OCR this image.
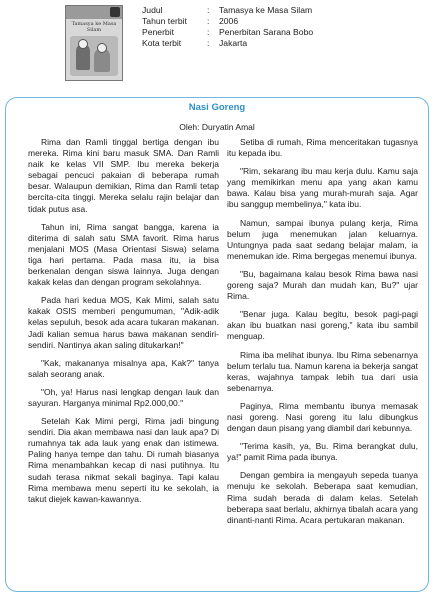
Tamasya ke Masa Silam
Judul	:	Tamasya ke Masa Silam
Tahun terbit	:	2006
Penerbit	:	Penerbitan Sarana Bobo
Kota terbit	:	Jakarta
Nasi Goreng
Oleh: Duryatin Amal

Rima dan Ramli tinggal bertiga dengan ibu mereka. Rima kini baru masuk SMA. Dan Ramli naik ke kelas VII SMP. Ibu mereka bekerja sebagai pencuci pakaian di beberapa rumah besar. Walaupun demikian, Rima dan Ramli tetap bercita-cita tinggi. Mereka selalu rajin belajar dan tidak putus asa.

Tahun ini, Rima sangat bangga, karena ia diterima di salah satu SMA favorit. Rima harus menjalani MOS (Masa Orientasi Siswa) selama tiga hari pertama. Pada masa itu, ia bisa berkenalan dengan siswa lainnya. Juga dengan kakak kelas dan dengan program sekolahnya.

Pada hari kedua MOS, Kak Mimi, salah satu kakak OSIS memberi pengumuman, "Adik-adik kelas sepuluh, besok ada acara tukaran makanan. Jadi kalian semua harus bawa makanan sendiri-sendiri. Nantinya akan saling ditukarkan!"

"Kak, makananya misalnya apa, Kak?" tanya salah seorang anak.

"Oh, ya! Harus nasi lengkap dengan lauk dan sayuran. Harganya minimal Rp2.000,00."

Setelah Kak Mimi pergi, Rima jadi bingung sendiri. Dia akan membawa nasi dan lauk apa? Di rumahnya tak ada lauk yang enak dan istimewa. Paling hanya tempe dan tahu. Di rumah biasanya Rima menambahkan kecap di nasi putihnya. Itu sudah terasa nikmat sekali baginya. Tapi kalau Rima membawa menu seperti itu ke sekolah, ia takut diejek kawan-kawannya.

Setiba di rumah, Rima menceritakan tugasnya itu kepada ibu.

"Rim, sekarang ibu mau kerja dulu. Kamu saja yang memikirkan menu apa yang akan kamu bawa. Kalau bisa yang murah-murah saja. Agar ibu sanggup membelinya," kata ibu.

Namun, sampai ibunya pulang kerja, Rima belum juga menemukan jalan keluarnya. Untungnya pada saat sedang belajar malam, ia menemukan ide. Rima bergegas menemui ibunya.

"Bu, bagaimana kalau besok Rima bawa nasi goreng saja? Murah dan mudah kan, Bu?" ujar Rima.

"Benar juga. Kalau begitu, besok pagi-pagi akan ibu buatkan nasi goreng," kata ibu sambil menguap.

Rima iba melihat ibunya. Ibu Rima sebenarnya belum terlalu tua. Namun karena ia bekerja sangat keras, wajahnya tampak lebih tua dari usia sebenarnya.

Paginya, Rima membantu ibunya memasak nasi goreng. Nasi goreng itu lalu dibungkus dengan daun pisang yang diambil dari kebunnya.

"Terima kasih, ya, Bu. Rima berangkat dulu, ya!" pamit Rima pada ibunya.

Dengan gembira ia mengayuh sepeda tuanya menuju ke sekolah. Beberapa saat kemudian, Rima sudah berada di dalam kelas. Setelah beberapa saat berlalu, akhirnya tibalah acara yang dinanti-nanti Rima. Acara pertukaran makanan.
